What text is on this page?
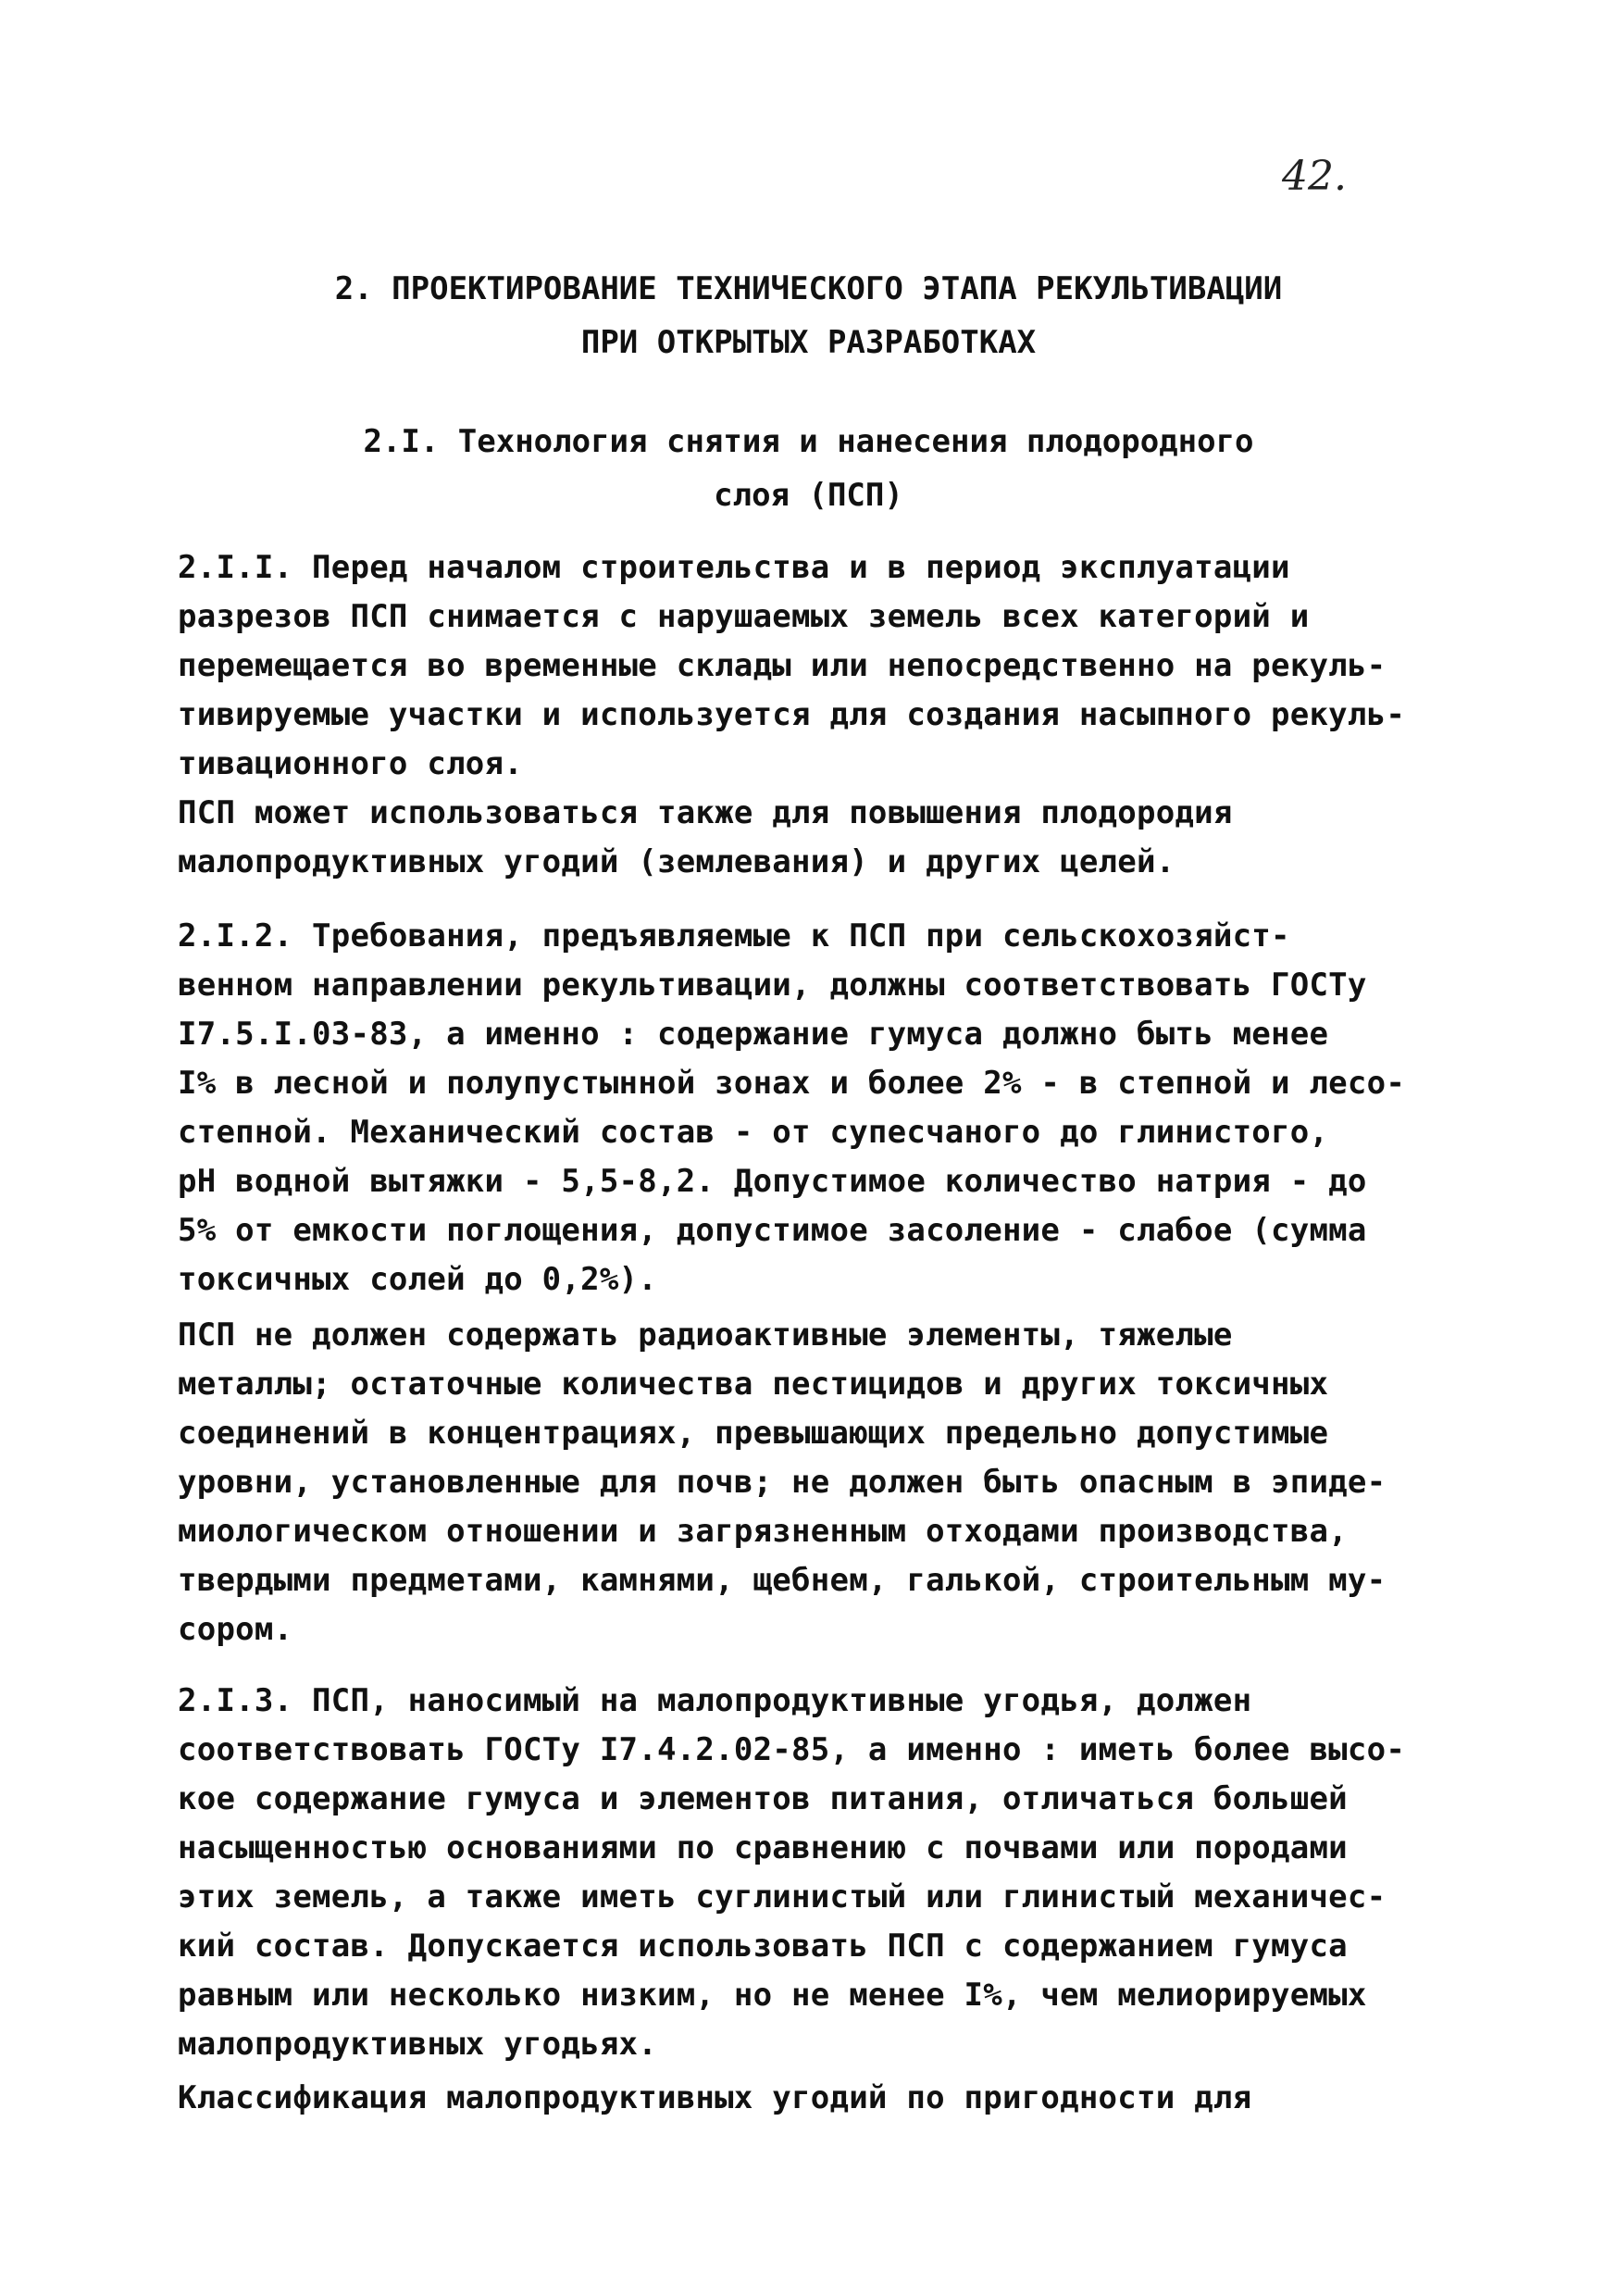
42.
2. ПРОЕКТИРОВАНИЕ ТЕХНИЧЕСКОГО ЭТАПА РЕКУЛЬТИВАЦИИ
ПРИ ОТКРЫТЫХ РАЗРАБОТКАХ
2.I. Технология снятия и нанесения плодородного
слоя (ПСП)
2.I.I. Перед началом строительства и в период эксплуатации
разрезов ПСП снимается с нарушаемых земель всех категорий и
перемещается во временные склады или непосредственно на рекуль-
тивируемые участки и используется для создания насыпного рекуль-
тивационного слоя.
ПСП может использоваться также для повышения плодородия
малопродуктивных угодий (землевания) и других целей.
2.I.2. Требования, предъявляемые к ПСП при сельскохозяйст-
венном направлении рекультивации, должны соответствовать ГОСТу
I7.5.I.03-83, а именно : содержание гумуса должно быть менее
I% в лесной и полупустынной зонах и более 2% - в степной и лесо-
степной. Механический состав - от супесчаного до глинистого,
рН водной вытяжки - 5,5-8,2. Допустимое количество натрия - до
5% от емкости поглощения, допустимое засоление - слабое (сумма
токсичных солей до 0,2%).
ПСП не должен содержать радиоактивные элементы, тяжелые
металлы; остаточные количества пестицидов и других токсичных
соединений в концентрациях, превышающих предельно допустимые
уровни, установленные для почв; не должен быть опасным в эпиде-
миологическом отношении и загрязненным отходами производства,
твердыми предметами, камнями, щебнем, галькой, строительным му-
сором.
2.I.3. ПСП, наносимый на малопродуктивные угодья, должен
соответствовать ГОСТу I7.4.2.02-85, а именно : иметь более высо-
кое содержание гумуса и элементов питания, отличаться большей
насыщенностью основаниями по сравнению с почвами или породами
этих земель, а также иметь суглинистый или глинистый механичес-
кий состав. Допускается использовать ПСП с содержанием гумуса
равным или несколько низким, но не менее I%, чем мелиорируемых
малопродуктивных угодьях.
Классификация малопродуктивных угодий по пригодности для
